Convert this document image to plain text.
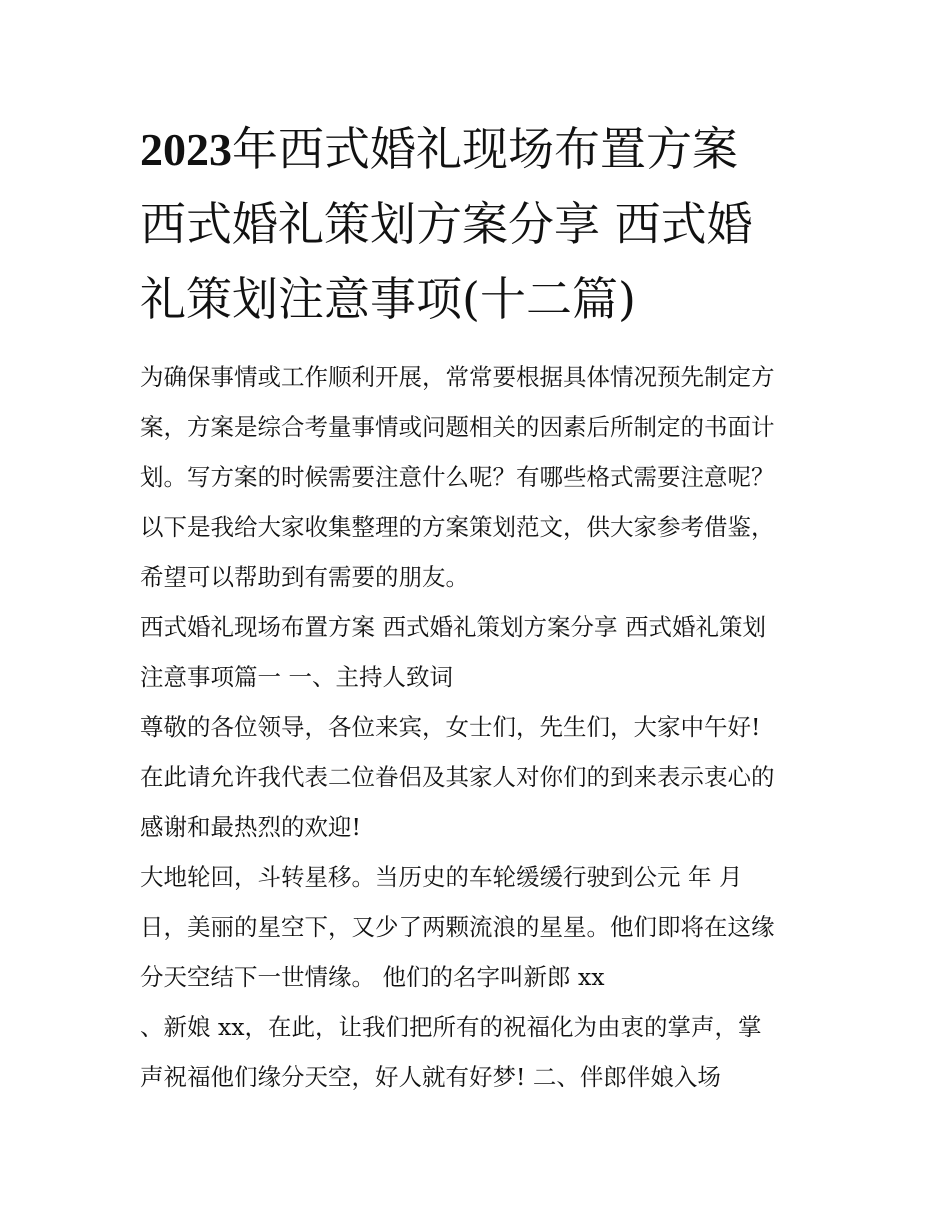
2023年西式婚礼现场布置方案
西式婚礼策划方案分享 西式婚
礼策划注意事项(十二篇)
为确保事情或工作顺利开展，常常要根据具体情况预先制定方
案，方案是综合考量事情或问题相关的因素后所制定的书面计
划。写方案的时候需要注意什么呢？有哪些格式需要注意呢？
以下是我给大家收集整理的方案策划范文，供大家参考借鉴，
希望可以帮助到有需要的朋友。
西式婚礼现场布置方案 西式婚礼策划方案分享 西式婚礼策划
注意事项篇一 一、主持人致词
尊敬的各位领导，各位来宾，女士们，先生们，大家中午好!
在此请允许我代表二位眷侣及其家人对你们的到来表示衷心的
感谢和最热烈的欢迎!
大地轮回，斗转星移。当历史的车轮缓缓行驶到公元 年 月
日，美丽的星空下，又少了两颗流浪的星星。他们即将在这缘
分天空结下一世情缘。 他们的名字叫新郎 xx
、新娘 xx，在此，让我们把所有的祝福化为由衷的掌声，掌
声祝福他们缘分天空，好人就有好梦! 二、伴郎伴娘入场
